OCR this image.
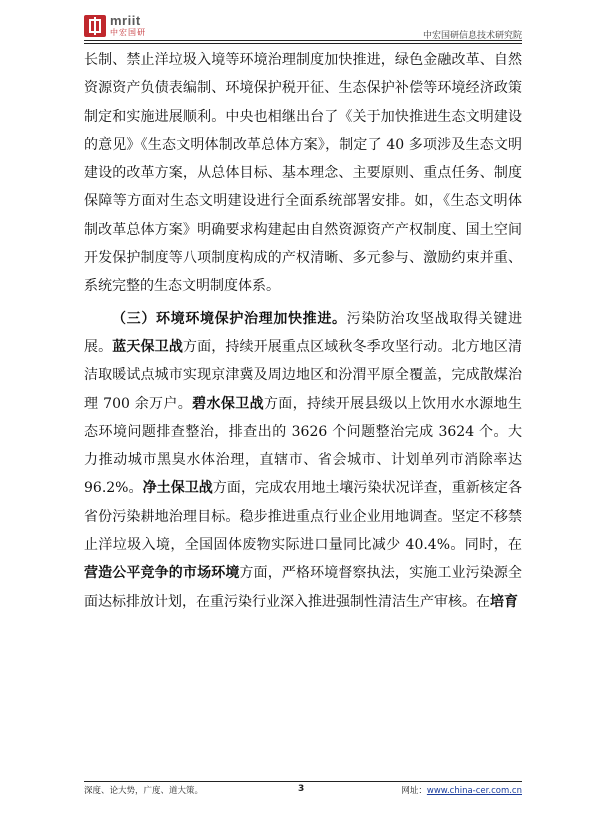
mriit
中宏国研	中宏国研信息技术研究院

长制、禁止洋垃圾入境等环境治理制度加快推进，绿色金融改革、自然资源资产负债表编制、环境保护税开征、生态保护补偿等环境经济政策制定和实施进展顺利。中央也相继出台了《关于加快推进生态文明建设的意见》《生态文明体制改革总体方案》，制定了 40 多项涉及生态文明建设的改革方案，从总体目标、基本理念、主要原则、重点任务、制度保障等方面对生态文明建设进行全面系统部署安排。如，《生态文明体制改革总体方案》明确要求构建起由自然资源资产产权制度、国土空间开发保护制度等八项制度构成的产权清晰、多元参与、激励约束并重、系统完整的生态文明制度体系。

（三）环境环境保护治理加快推进。污染防治攻坚战取得关键进展。蓝天保卫战方面，持续开展重点区域秋冬季攻坚行动。北方地区清洁取暖试点城市实现京津冀及周边地区和汾渭平原全覆盖，完成散煤治理 700 余万户。碧水保卫战方面，持续开展县级以上饮用水水源地生态环境问题排查整治，排查出的 3626 个问题整治完成 3624 个。大力推动城市黑臭水体治理，直辖市、省会城市、计划单列市消除率达 96.2%。净土保卫战方面，完成农用地土壤污染状况详查，重新核定各省份污染耕地治理目标。稳步推进重点行业企业用地调查。坚定不移禁止洋垃圾入境，全国固体废物实际进口量同比减少 40.4%。同时，在营造公平竞争的市场环境方面，严格环境督察执法，实施工业污染源全面达标排放计划，在重污染行业深入推进强制性清洁生产审核。在培育

深度、论大势，广度、道大策。	3	网址：www.china-cer.com.cn
